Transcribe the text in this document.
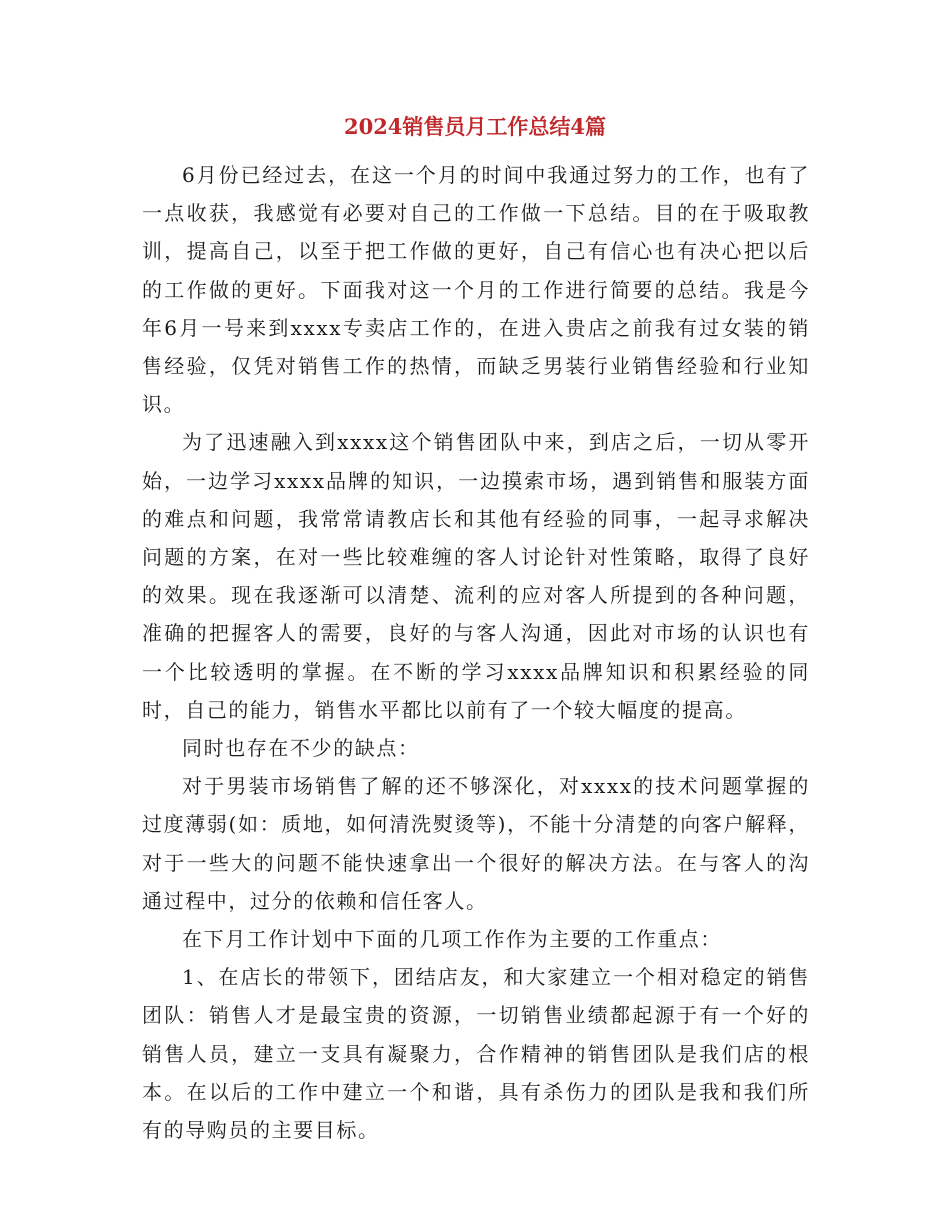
2024销售员月工作总结4篇

6月份已经过去，在这一个月的时间中我通过努力的工作，也有了一点收获，我感觉有必要对自己的工作做一下总结。目的在于吸取教训，提高自己，以至于把工作做的更好，自己有信心也有决心把以后的工作做的更好。下面我对这一个月的工作进行简要的总结。我是今年6月一号来到xxxx专卖店工作的，在进入贵店之前我有过女装的销售经验，仅凭对销售工作的热情，而缺乏男装行业销售经验和行业知识。

为了迅速融入到xxxx这个销售团队中来，到店之后，一切从零开始，一边学习xxxx品牌的知识，一边摸索市场，遇到销售和服装方面的难点和问题，我常常请教店长和其他有经验的同事，一起寻求解决问题的方案，在对一些比较难缠的客人讨论针对性策略，取得了良好的效果。现在我逐渐可以清楚、流利的应对客人所提到的各种问题，准确的把握客人的需要，良好的与客人沟通，因此对市场的认识也有一个比较透明的掌握。在不断的学习xxxx品牌知识和积累经验的同时，自己的能力，销售水平都比以前有了一个较大幅度的提高。

同时也存在不少的缺点：

对于男装市场销售了解的还不够深化，对xxxx的技术问题掌握的过度薄弱(如：质地，如何清洗熨烫等)，不能十分清楚的向客户解释，对于一些大的问题不能快速拿出一个很好的解决方法。在与客人的沟通过程中，过分的依赖和信任客人。

在下月工作计划中下面的几项工作作为主要的工作重点：

1、在店长的带领下，团结店友，和大家建立一个相对稳定的销售团队：销售人才是最宝贵的资源，一切销售业绩都起源于有一个好的销售人员，建立一支具有凝聚力，合作精神的销售团队是我们店的根本。在以后的工作中建立一个和谐，具有杀伤力的团队是我和我们所有的导购员的主要目标。
